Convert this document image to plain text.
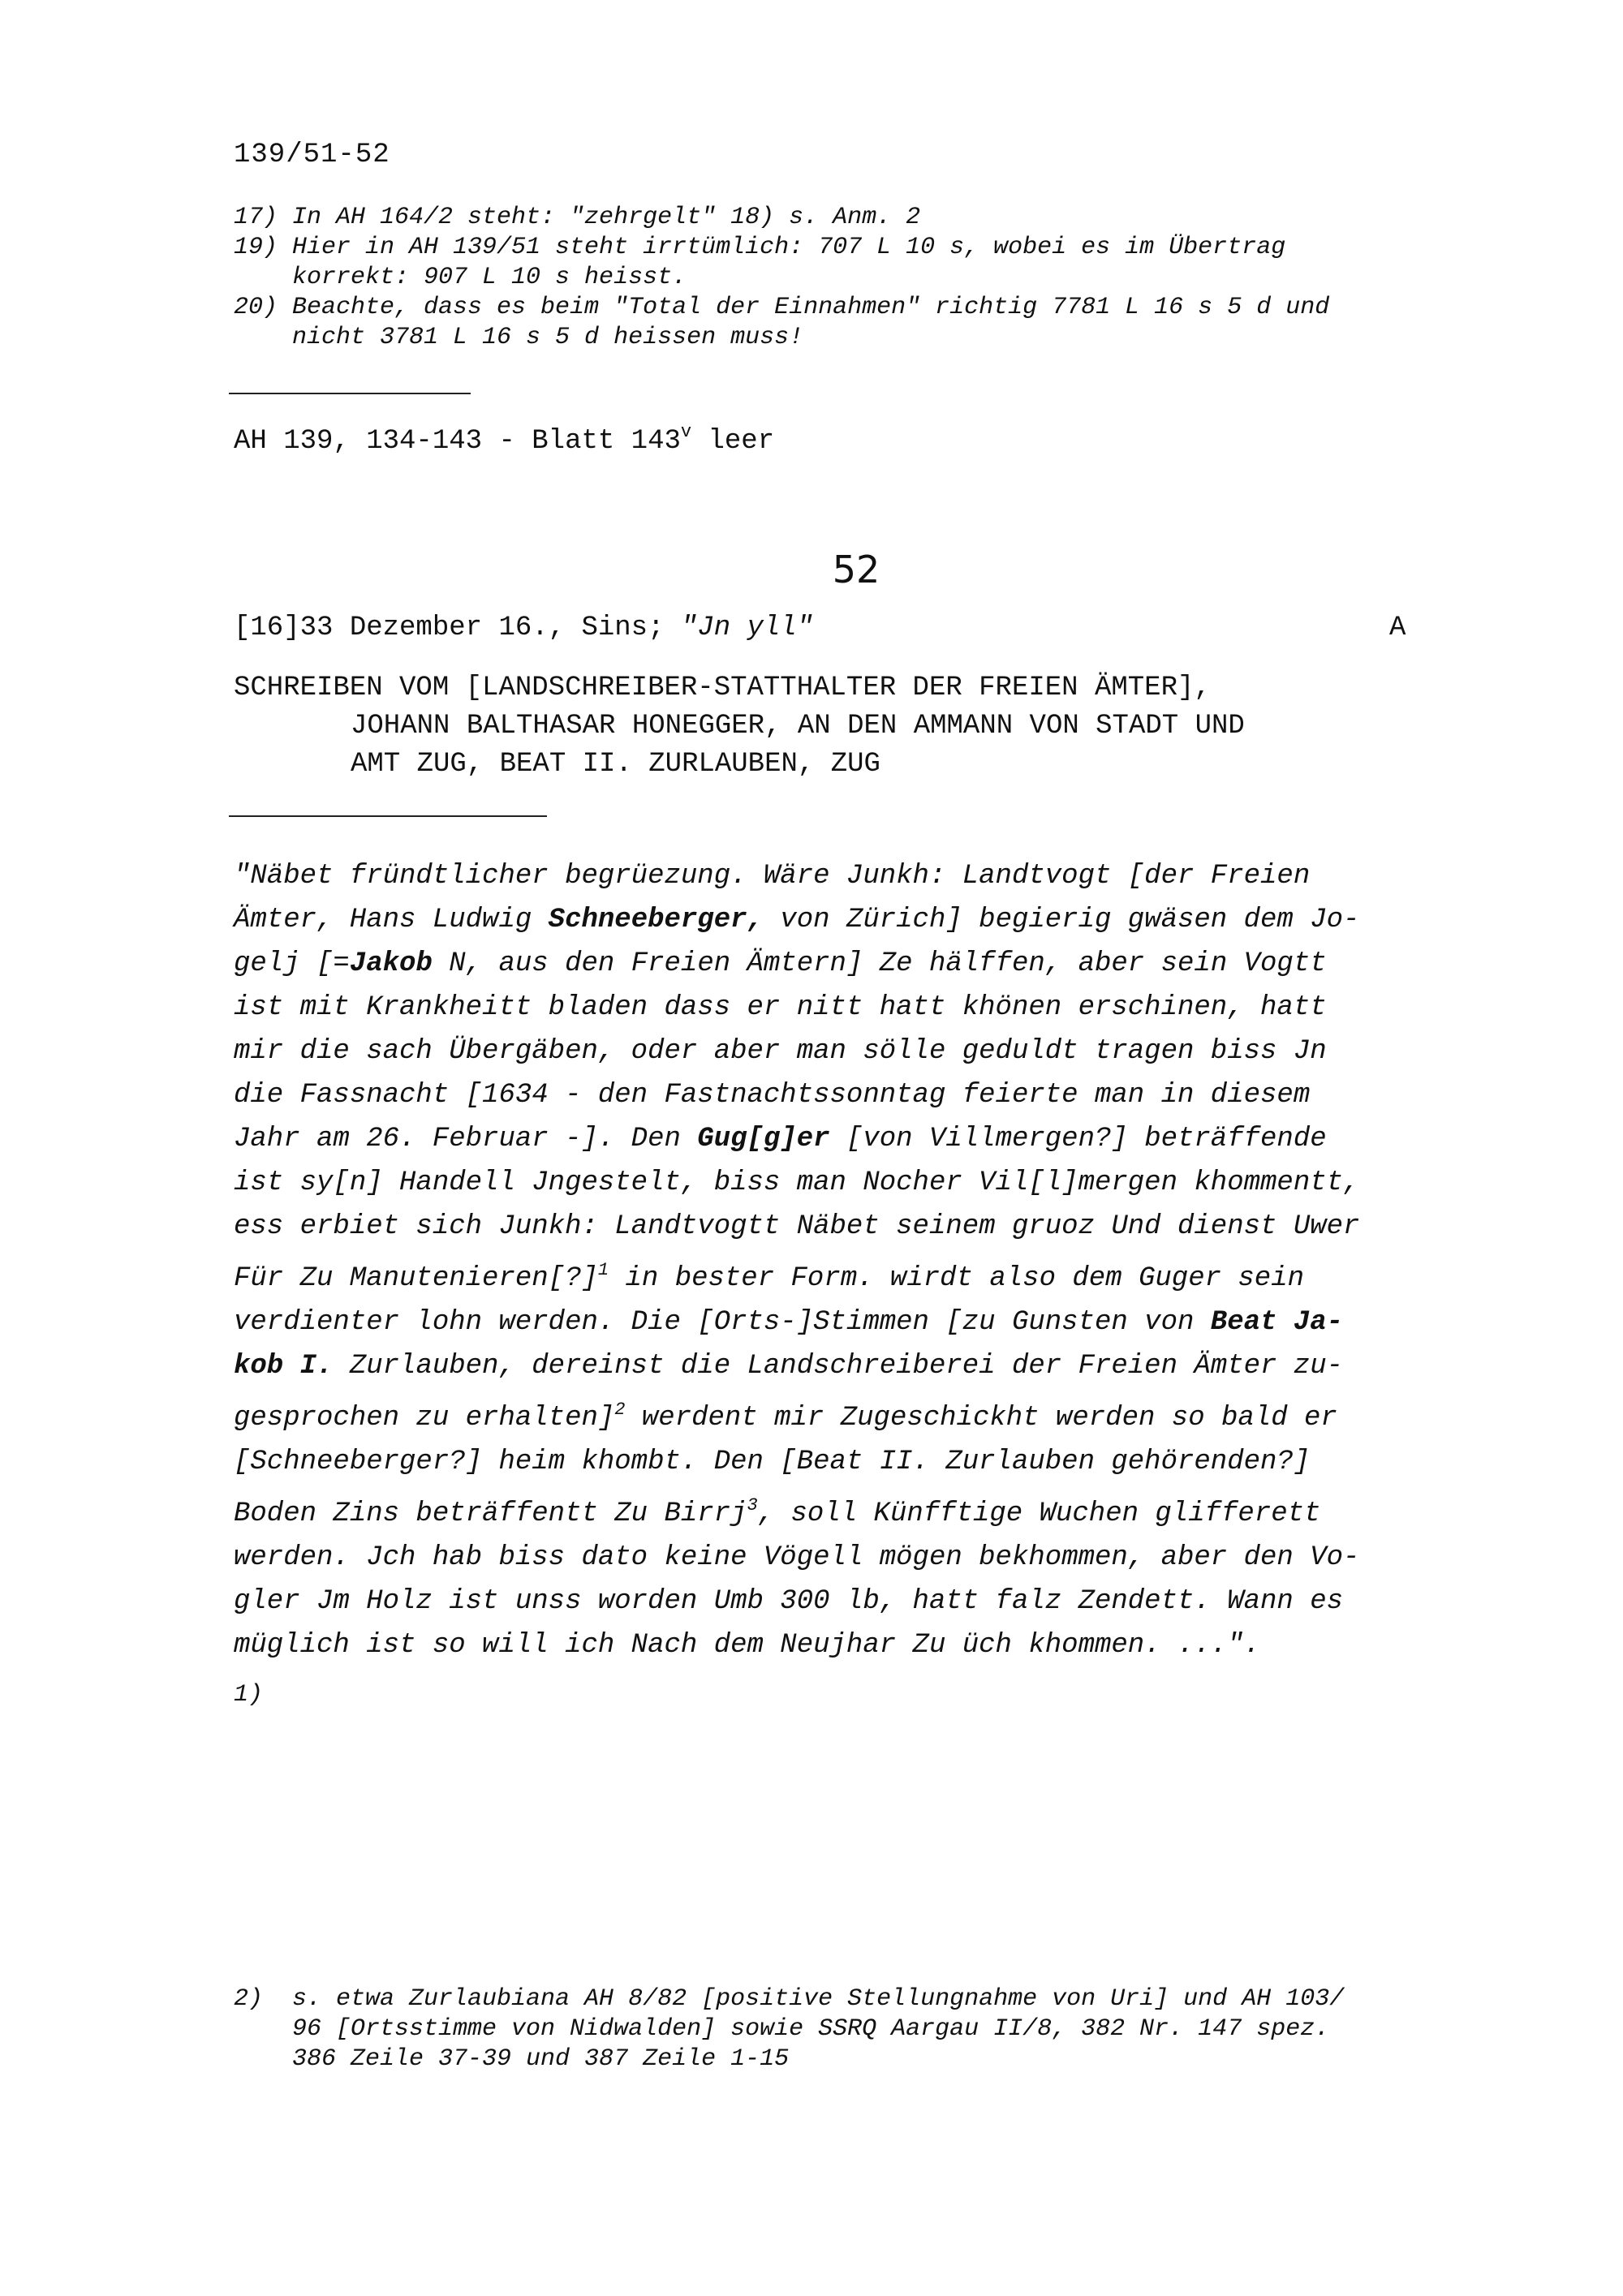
139/51-52
17) In AH 164/2 steht: "zehrgelt" 18) s. Anm. 2
19) Hier in AH 139/51 steht irrtümlich: 707 L 10 s, wobei es im Übertrag
korrekt: 907 L 10 s heisst.
20) Beachte, dass es beim "Total der Einnahmen" richtig 7781 L 16 s 5 d und
nicht 3781 L 16 s 5 d heissen muss!
AH 139, 134-143 - Blatt 143$^v$ leer
52
[16]33 Dezember 16., Sins; "Jn yll"	A
SCHREIBEN VOM [LANDSCHREIBER-STATTHALTER DER FREIEN ÄMTER],
JOHANN BALTHASAR HONEGGER, AN DEN AMMANN VON STADT UND
AMT ZUG, BEAT II. ZURLAUBEN, ZUG
"Näbet fründtlicher begrüezung. Wäre Junkh: Landtvogt [der Freien
Ämter, Hans Ludwig Schneeberger, von Zürich] begierig gwäsen dem Jo-
gelj [=Jakob N, aus den Freien Ämtern] Ze hälffen, aber sein Vogtt
ist mit Krankheitt bladen dass er nitt hatt khönen erschinen, hatt
mir die sach Übergäben, oder aber man sölle geduldt tragen biss Jn
die Fassnacht [1634 - den Fastnachtssonntag feierte man in diesem
Jahr am 26. Februar -]. Den Gug[g]er [von Villmergen?] beträffende
ist sy[n] Handell Jngestelt, biss man Nocher Vil[l]mergen khommentt,
ess erbiet sich Junkh: Landtvogtt Näbet seinem gruoz Und dienst Uwer
Für Zu Manutenieren[?]$^1$ in bester Form. wirdt also dem Guger sein
verdienter lohn werden. Die [Orts-]Stimmen [zu Gunsten von Beat Ja-
kob I. Zurlauben, dereinst die Landschreiberei der Freien Ämter zu-
gesprochen zu erhalten]$^2$ werdent mir Zugeschickht werden so bald er
[Schneeberger?] heim khombt. Den [Beat II. Zurlauben gehörenden?]
Boden Zins beträffentt Zu Birrj$^3$, soll Künfftige Wuchen glifferett
werden. Jch hab biss dato keine Vögell mögen bekhommen, aber den Vo-
gler Jm Holz ist unss worden Umb 300 lb, hatt falz Zendett. Wann es
müglich ist so will ich Nach dem Neujhar Zu üch khommen. ...".
1)
2) s. etwa Zurlaubiana AH 8/82 [positive Stellungnahme von Uri] und AH 103/
96 [Ortsstimme von Nidwalden] sowie SSRQ Aargau II/8, 382 Nr. 147 spez.
386 Zeile 37-39 und 387 Zeile 1-15
